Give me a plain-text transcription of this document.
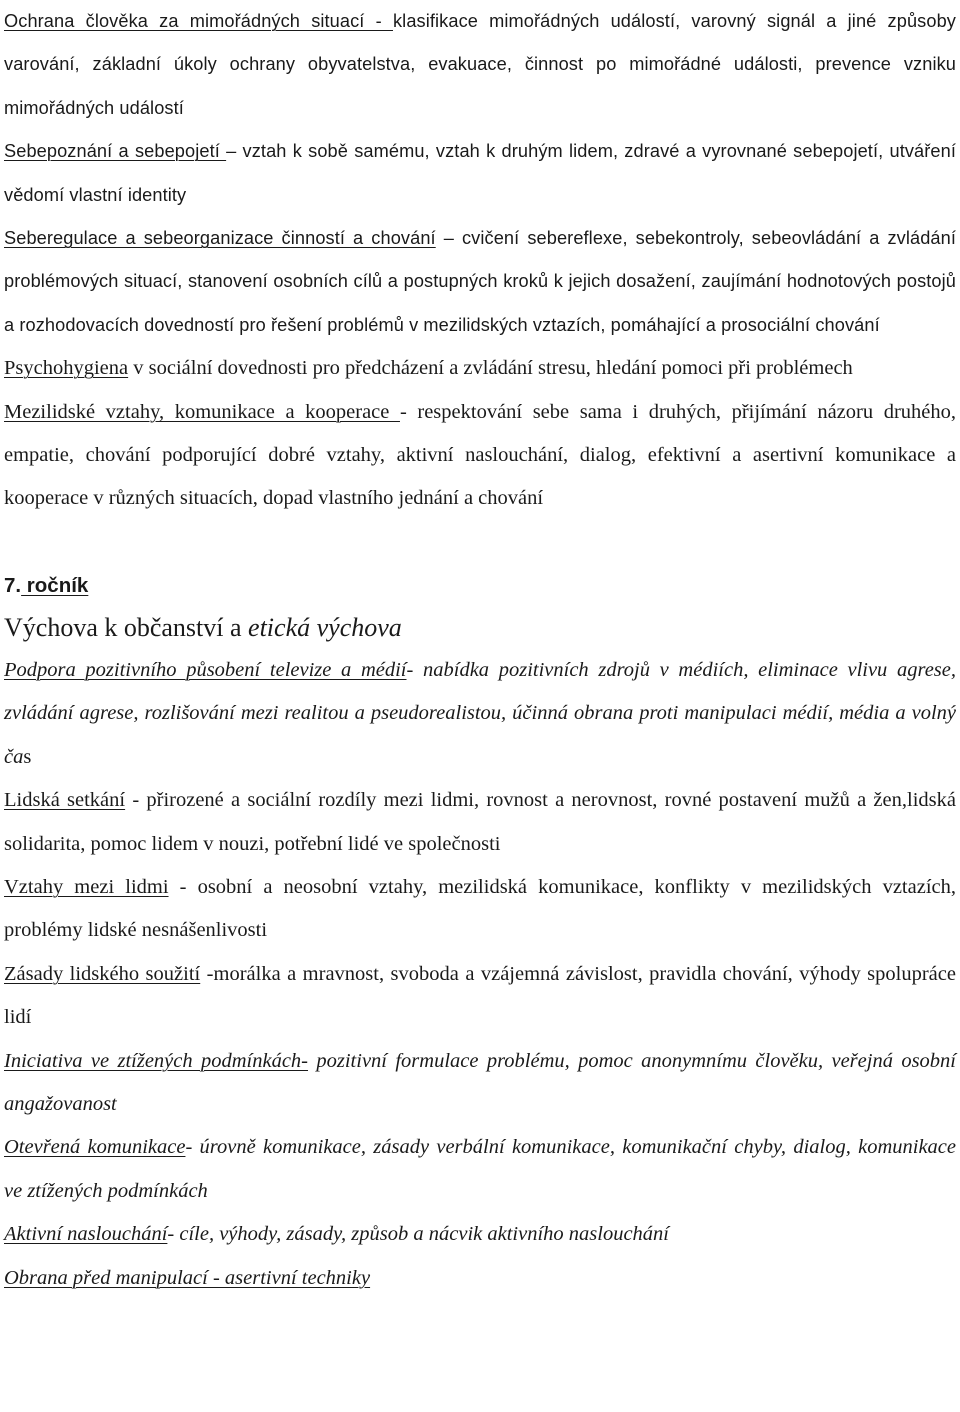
Ochrana člověka za mimořádných situací - klasifikace mimořádných událostí, varovný signál a jiné způsoby varování, základní úkoly ochrany obyvatelstva, evakuace, činnost po mimořádné události, prevence vzniku mimořádných událostí

Sebepoznání a sebepojetí – vztah k sobě samému, vztah k druhým lidem, zdravé a vyrovnané sebepojetí, utváření vědomí vlastní identity

Seberegulace a sebeorganizace činností a chování – cvičení sebereflexe, sebekontroly, sebeovládání a zvládání problémových situací, stanovení osobních cílů a postupných kroků k jejich dosažení, zaujímání hodnotových postojů a rozhodovacích dovedností pro řešení problémů v mezilidských vztazích, pomáhající a prosociální chování

Psychohygiena v sociální dovednosti pro předcházení a zvládání stresu, hledání pomoci při problémech

Mezilidské vztahy, komunikace a kooperace - respektování sebe sama i druhých, přijímání názoru druhého, empatie, chování podporující dobré vztahy, aktivní naslouchání, dialog, efektivní a asertivní komunikace a kooperace v různých situacích, dopad vlastního jednání a chování

7. ročník

Výchova k občanství a etická výchova

Podpora pozitivního působení televize a médií- nabídka pozitivních zdrojů v médiích, eliminace vlivu agrese, zvládání agrese, rozlišování mezi realitou a pseudorealistou, účinná obrana proti manipulaci médií, média a volný čas

Lidská setkání - přirozené a sociální rozdíly mezi lidmi, rovnost a nerovnost, rovné postavení mužů a žen,lidská solidarita, pomoc lidem v nouzi, potřební lidé ve společnosti

Vztahy mezi lidmi - osobní a neosobní vztahy, mezilidská komunikace, konflikty v mezilidských vztazích, problémy lidské nesnášenlivosti

Zásady lidského soužití -morálka a mravnost, svoboda a vzájemná závislost, pravidla chování, výhody spolupráce lidí

Iniciativa ve ztížených podmínkách- pozitivní formulace problému, pomoc anonymnímu člověku, veřejná osobní angažovanost

Otevřená komunikace- úrovně komunikace, zásady verbální komunikace, komunikační chyby, dialog, komunikace ve ztížených podmínkách

Aktivní naslouchání- cíle, výhody, zásady, způsob a nácvik aktivního naslouchání

Obrana před manipulací - asertivní techniky
